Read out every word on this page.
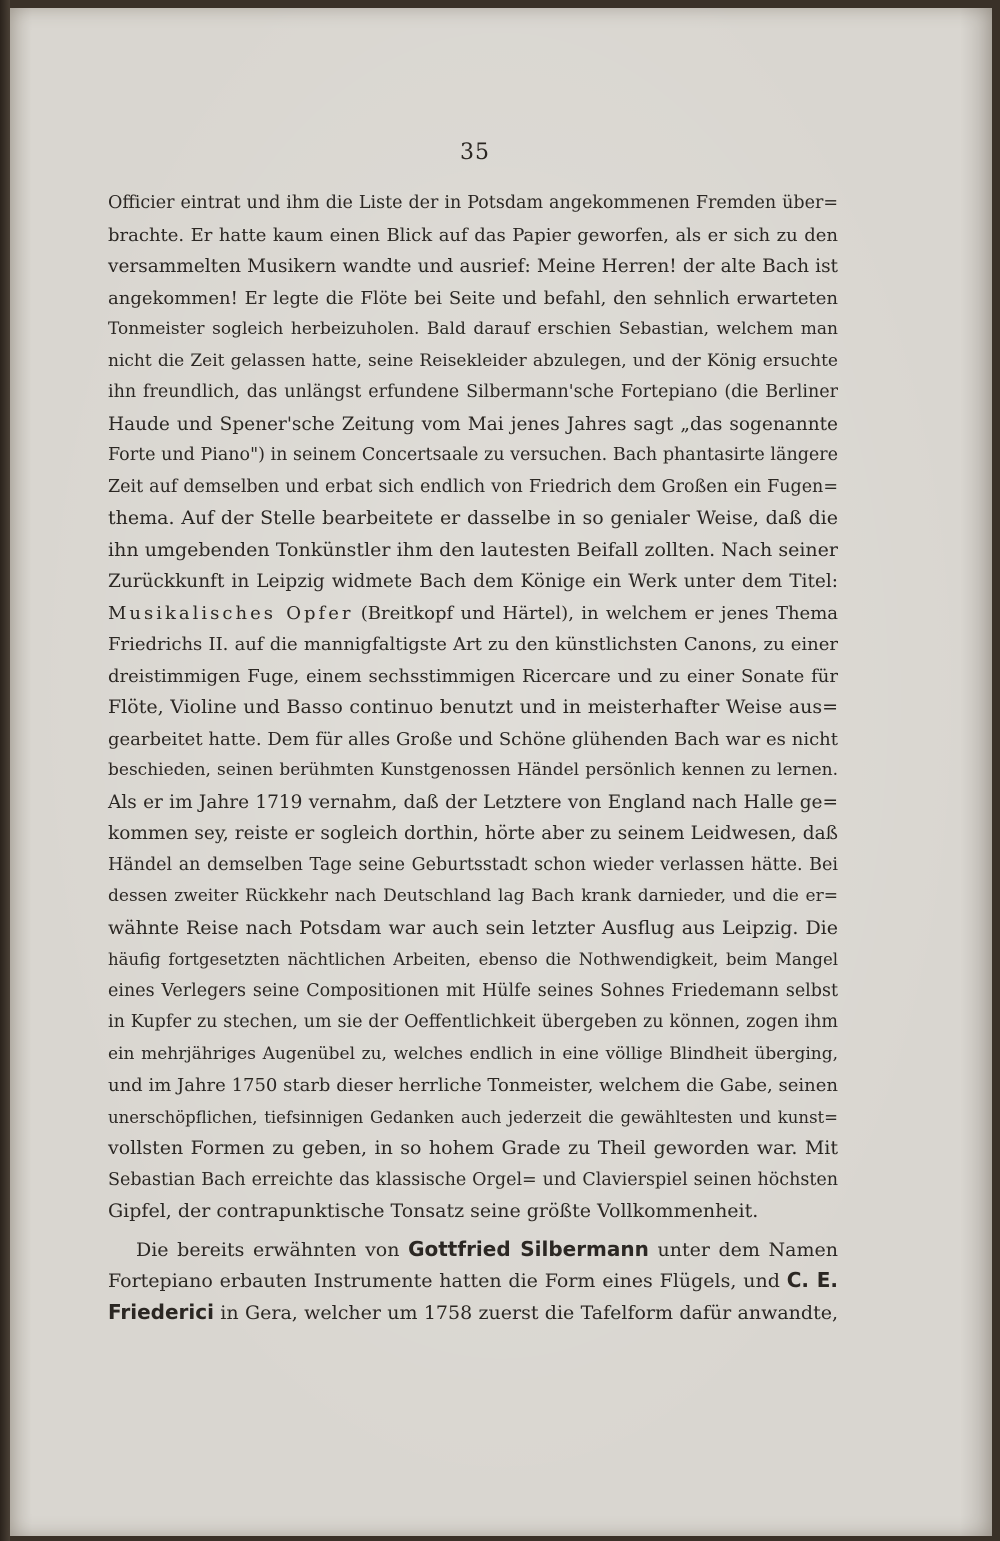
35
Officier eintrat und ihm die Liste der in Potsdam angekommenen Fremden über=
brachte. Er hatte kaum einen Blick auf das Papier geworfen, als er sich zu den
versammelten Musikern wandte und ausrief: Meine Herren! der alte Bach ist
angekommen! Er legte die Flöte bei Seite und befahl, den sehnlich erwarteten
Tonmeister sogleich herbeizuholen. Bald darauf erschien Sebastian, welchem man
nicht die Zeit gelassen hatte, seine Reisekleider abzulegen, und der König ersuchte
ihn freundlich, das unlängst erfundene Silbermann'sche Fortepiano (die Berliner
Haude und Spener'sche Zeitung vom Mai jenes Jahres sagt „das sogenannte
Forte und Piano") in seinem Concertsaale zu versuchen. Bach phantasirte längere
Zeit auf demselben und erbat sich endlich von Friedrich dem Großen ein Fugen=
thema. Auf der Stelle bearbeitete er dasselbe in so genialer Weise, daß die
ihn umgebenden Tonkünstler ihm den lautesten Beifall zollten. Nach seiner
Zurückkunft in Leipzig widmete Bach dem Könige ein Werk unter dem Titel:
Musikalisches Opfer (Breitkopf und Härtel), in welchem er jenes Thema
Friedrichs II. auf die mannigfaltigste Art zu den künstlichsten Canons, zu einer
dreistimmigen Fuge, einem sechsstimmigen Ricercare und zu einer Sonate für
Flöte, Violine und Basso continuo benutzt und in meisterhafter Weise aus=
gearbeitet hatte. Dem für alles Große und Schöne glühenden Bach war es nicht
beschieden, seinen berühmten Kunstgenossen Händel persönlich kennen zu lernen.
Als er im Jahre 1719 vernahm, daß der Letztere von England nach Halle ge=
kommen sey, reiste er sogleich dorthin, hörte aber zu seinem Leidwesen, daß
Händel an demselben Tage seine Geburtsstadt schon wieder verlassen hätte. Bei
dessen zweiter Rückkehr nach Deutschland lag Bach krank darnieder, und die er=
wähnte Reise nach Potsdam war auch sein letzter Ausflug aus Leipzig. Die
häufig fortgesetzten nächtlichen Arbeiten, ebenso die Nothwendigkeit, beim Mangel
eines Verlegers seine Compositionen mit Hülfe seines Sohnes Friedemann selbst
in Kupfer zu stechen, um sie der Oeffentlichkeit übergeben zu können, zogen ihm
ein mehrjähriges Augenübel zu, welches endlich in eine völlige Blindheit überging,
und im Jahre 1750 starb dieser herrliche Tonmeister, welchem die Gabe, seinen
unerschöpflichen, tiefsinnigen Gedanken auch jederzeit die gewähltesten und kunst=
vollsten Formen zu geben, in so hohem Grade zu Theil geworden war. Mit
Sebastian Bach erreichte das klassische Orgel= und Clavierspiel seinen höchsten
Gipfel, der contrapunktische Tonsatz seine größte Vollkommenheit.
Die bereits erwähnten von Gottfried Silbermann unter dem Namen
Fortepiano erbauten Instrumente hatten die Form eines Flügels, und C. E.
Friederici in Gera, welcher um 1758 zuerst die Tafelform dafür anwandte,
